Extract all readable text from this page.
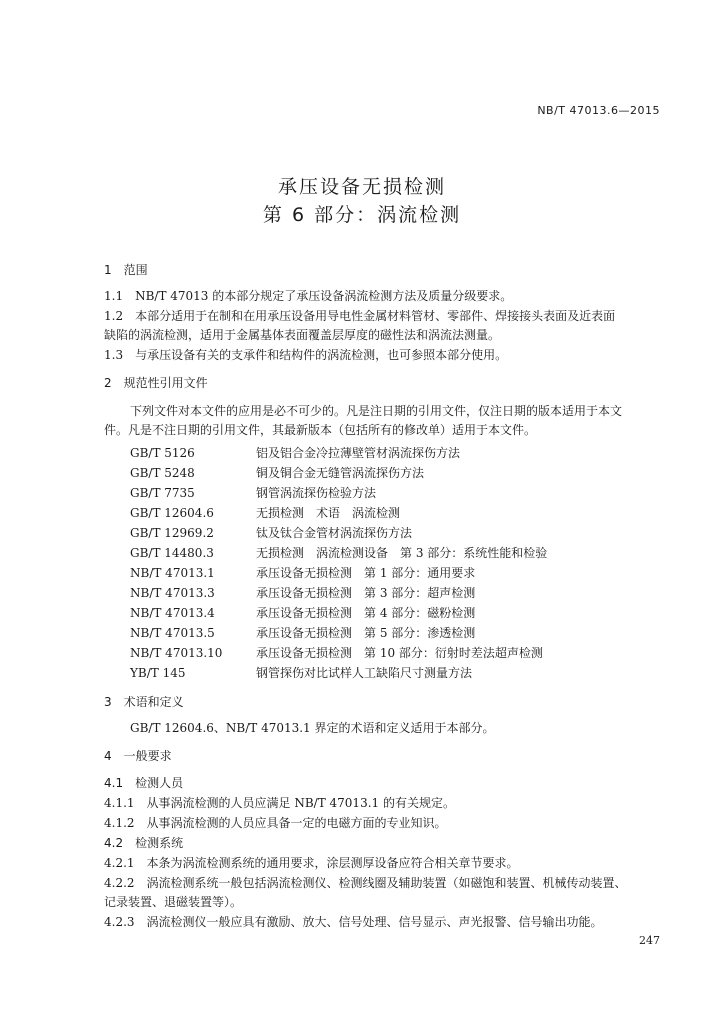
NB/T 47013.6—2015
承压设备无损检测
第 6 部分：涡流检测
1　范围
1.1　NB/T 47013 的本部分规定了承压设备涡流检测方法及质量分级要求。
1.2　本部分适用于在制和在用承压设备用导电性金属材料管材、零部件、焊接接头表面及近表面
缺陷的涡流检测，适用于金属基体表面覆盖层厚度的磁性法和涡流法测量。
1.3　与承压设备有关的支承件和结构件的涡流检测，也可参照本部分使用。
2　规范性引用文件
下列文件对本文件的应用是必不可少的。凡是注日期的引用文件，仅注日期的版本适用于本文
件。凡是不注日期的引用文件，其最新版本（包括所有的修改单）适用于本文件。
GB/T 5126	铝及铝合金冷拉薄壁管材涡流探伤方法
GB/T 5248	铜及铜合金无缝管涡流探伤方法
GB/T 7735	钢管涡流探伤检验方法
GB/T 12604.6	无损检测　术语　涡流检测
GB/T 12969.2	钛及钛合金管材涡流探伤方法
GB/T 14480.3	无损检测　涡流检测设备　第 3 部分：系统性能和检验
NB/T 47013.1	承压设备无损检测　第 1 部分：通用要求
NB/T 47013.3	承压设备无损检测　第 3 部分：超声检测
NB/T 47013.4	承压设备无损检测　第 4 部分：磁粉检测
NB/T 47013.5	承压设备无损检测　第 5 部分：渗透检测
NB/T 47013.10	承压设备无损检测　第 10 部分：衍射时差法超声检测
YB/T 145	钢管探伤对比试样人工缺陷尺寸测量方法
3　术语和定义
GB/T 12604.6、NB/T 47013.1 界定的术语和定义适用于本部分。
4　一般要求
4.1　检测人员
4.1.1　从事涡流检测的人员应满足 NB/T 47013.1 的有关规定。
4.1.2　从事涡流检测的人员应具备一定的电磁方面的专业知识。
4.2　检测系统
4.2.1　本条为涡流检测系统的通用要求，涂层测厚设备应符合相关章节要求。
4.2.2　涡流检测系统一般包括涡流检测仪、检测线圈及辅助装置（如磁饱和装置、机械传动装置、
记录装置、退磁装置等）。
4.2.3　涡流检测仪一般应具有激励、放大、信号处理、信号显示、声光报警、信号输出功能。
247
